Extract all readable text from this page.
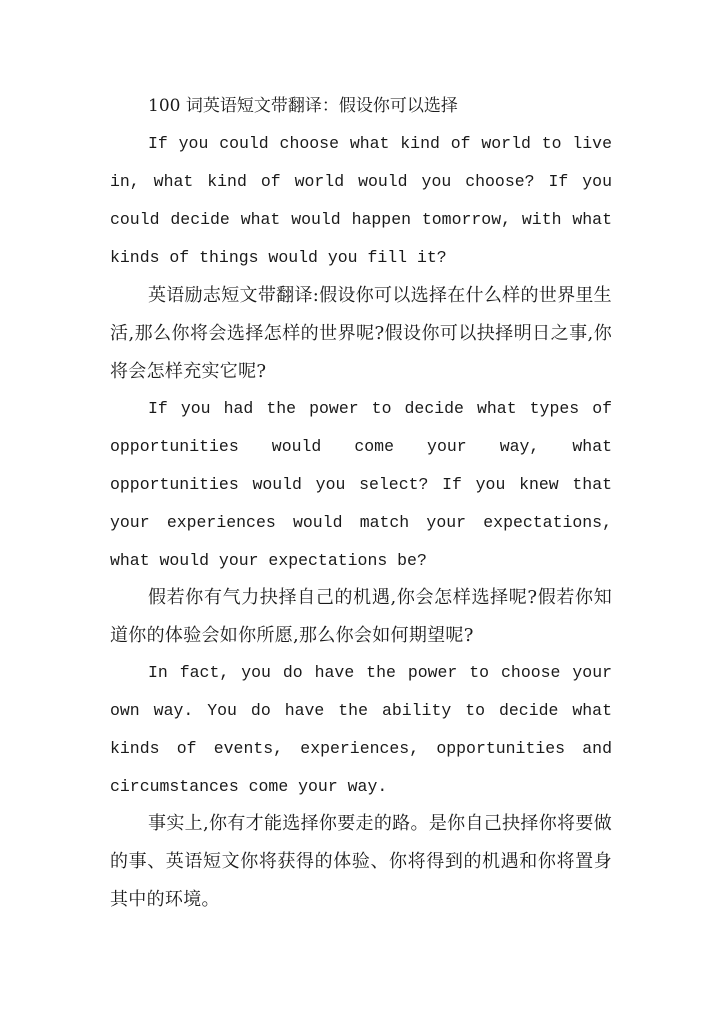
100 词英语短文带翻译：假设你可以选择
If you could choose what kind of world to live in, what kind of world would you choose? If you could decide what would happen tomorrow, with what kinds of things would you fill it?
英语励志短文带翻译:假设你可以选择在什么样的世界里生活,那么你将会选择怎样的世界呢?假设你可以抉择明日之事,你将会怎样充实它呢?
If you had the power to decide what types of opportunities would come your way, what opportunities would you select? If you knew that your experiences would match your expectations, what would your expectations be?
假若你有气力抉择自己的机遇,你会怎样选择呢?假若你知道你的体验会如你所愿,那么你会如何期望呢?
In fact, you do have the power to choose your own way. You do have the ability to decide what kinds of events, experiences, opportunities and circumstances come your way.
事实上,你有才能选择你要走的路。是你自己抉择你将要做的事、英语短文你将获得的体验、你将得到的机遇和你将置身其中的环境。
